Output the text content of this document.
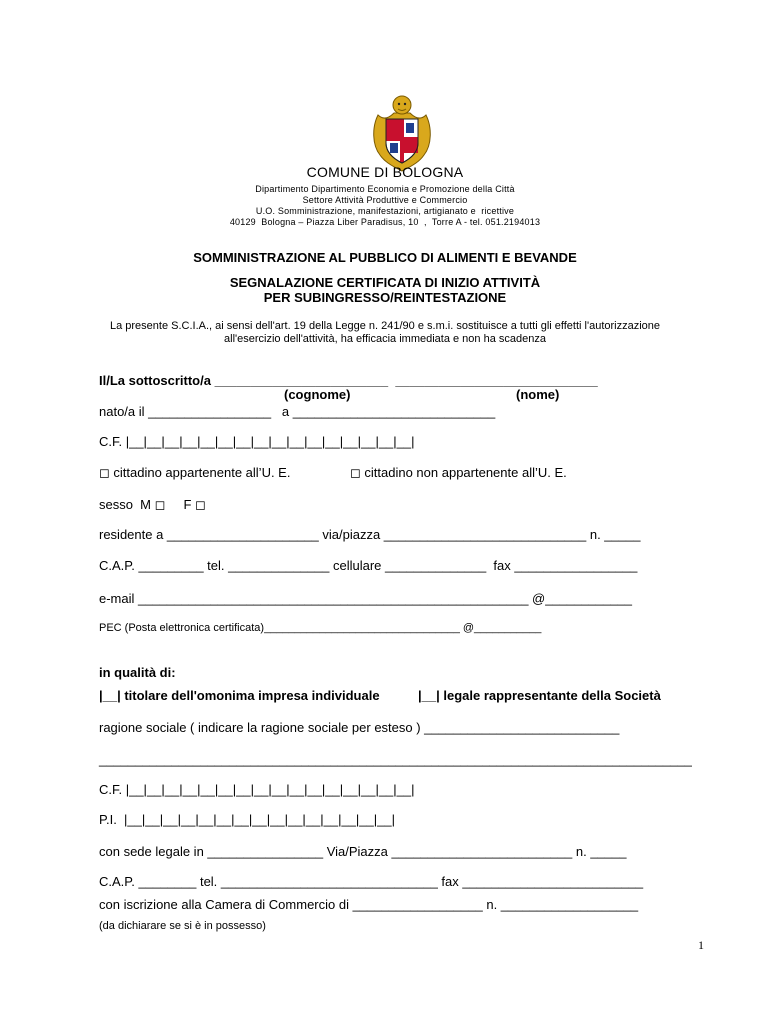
COMUNE DI BOLOGNA
Dipartimento Dipartimento Economia e Promozione della Città
Settore Attività Produttive e Commercio
U.O. Somministrazione, manifestazioni, artigianato e  ricettive
40129  Bologna – Piazza Liber Paradisus, 10  ,  Torre A - tel. 051.2194013
SOMMINISTRAZIONE AL PUBBLICO DI ALIMENTI E BEVANDE
SEGNALAZIONE CERTIFICATA DI INIZIO ATTIVITÀ
PER SUBINGRESSO/REINTESTAZIONE
La presente S.C.I.A., ai sensi dell'art. 19 della Legge n. 241/90 e s.m.i. sostituisce a tutti gli effetti l'autorizzazione
all'esercizio dell'attività, ha efficacia immediata e non ha scadenza
Il/La sottoscritto/a ________________________  ____________________________
(cognome)	(nome)
nato/a il _________________   a ____________________________
C.F. |__|__|__|__|__|__|__|__|__|__|__|__|__|__|__|__|
◻ cittadino appartenente all’U. E.	◻ cittadino non appartenente all’U. E.
sesso  M ◻     F ◻
residente a _____________________ via/piazza ____________________________ n. _____
C.A.P. _________ tel. ______________ cellulare ______________  fax _________________
e-mail ______________________________________________________ @____________
PEC (Posta elettronica certificata)________________________________ @___________
in qualità di:
|__| titolare dell'omonima impresa individuale	|__| legale rappresentante della Società
ragione sociale ( indicare la ragione sociale per esteso ) ___________________________
__________________________________________________________________________________
C.F. |__|__|__|__|__|__|__|__|__|__|__|__|__|__|__|__|
P.I.  |__|__|__|__|__|__|__|__|__|__|__|__|__|__|__|
con sede legale in ________________ Via/Piazza _________________________ n. _____
C.A.P. ________ tel. ______________________________ fax _________________________
con iscrizione alla Camera di Commercio di __________________ n. ___________________
(da dichiarare se si è in possesso)
1
